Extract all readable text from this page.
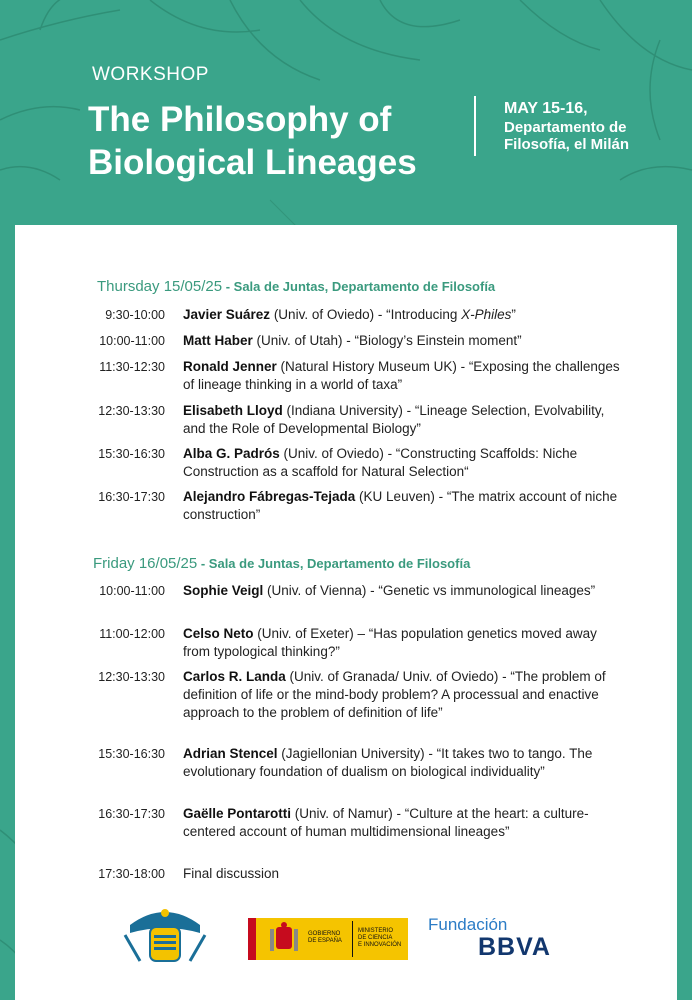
WORKSHOP
The Philosophy of
Biological Lineages
MAY 15-16,
Departamento de
Filosofía, el Milán
Thursday 15/05/25 - Sala de Juntas, Departamento de Filosofía
9:30-10:00 Javier Suárez (Univ. of Oviedo) - “Introducing X-Philes”
10:00-11:00 Matt Haber (Univ. of Utah) - “Biology’s Einstein moment”
11:30-12:30 Ronald Jenner (Natural History Museum UK) - “Exposing the challenges of lineage thinking in a world of taxa”
12:30-13:30 Elisabeth Lloyd (Indiana University) - “Lineage Selection, Evolvability, and the Role of Developmental Biology”
15:30-16:30 Alba G. Padrós (Univ. of Oviedo) - “Constructing Scaffolds: Niche Construction as a scaffold for Natural Selection“
16:30-17:30 Alejandro Fábregas-Tejada (KU Leuven) - “The matrix account of niche construction”
Friday 16/05/25 - Sala de Juntas, Departamento de Filosofía
10:00-11:00 Sophie Veigl (Univ. of Vienna) - “Genetic vs immunological lineages”
11:00-12:00 Celso Neto (Univ. of Exeter) – “Has population genetics moved away from typological thinking?”
12:30-13:30 Carlos R. Landa (Univ. of Granada/ Univ. of Oviedo) - “The problem of definition of life or the mind-body problem? A processual and enactive approach to the problem of definition of life”
15:30-16:30 Adrian Stencel (Jagiellonian University) - “It takes two to tango. The evolutionary foundation of dualism on biological individuality”
16:30-17:30 Gaëlle Pontarotti (Univ. of Namur) - “Culture at the heart: a culture-centered account of human multidimensional lineages”
17:30-18:00 Final discussion
GOBIERNO
DE ESPAÑA
MINISTERIO
DE CIENCIA
E INNOVACIÓN
Fundación
BBVA
